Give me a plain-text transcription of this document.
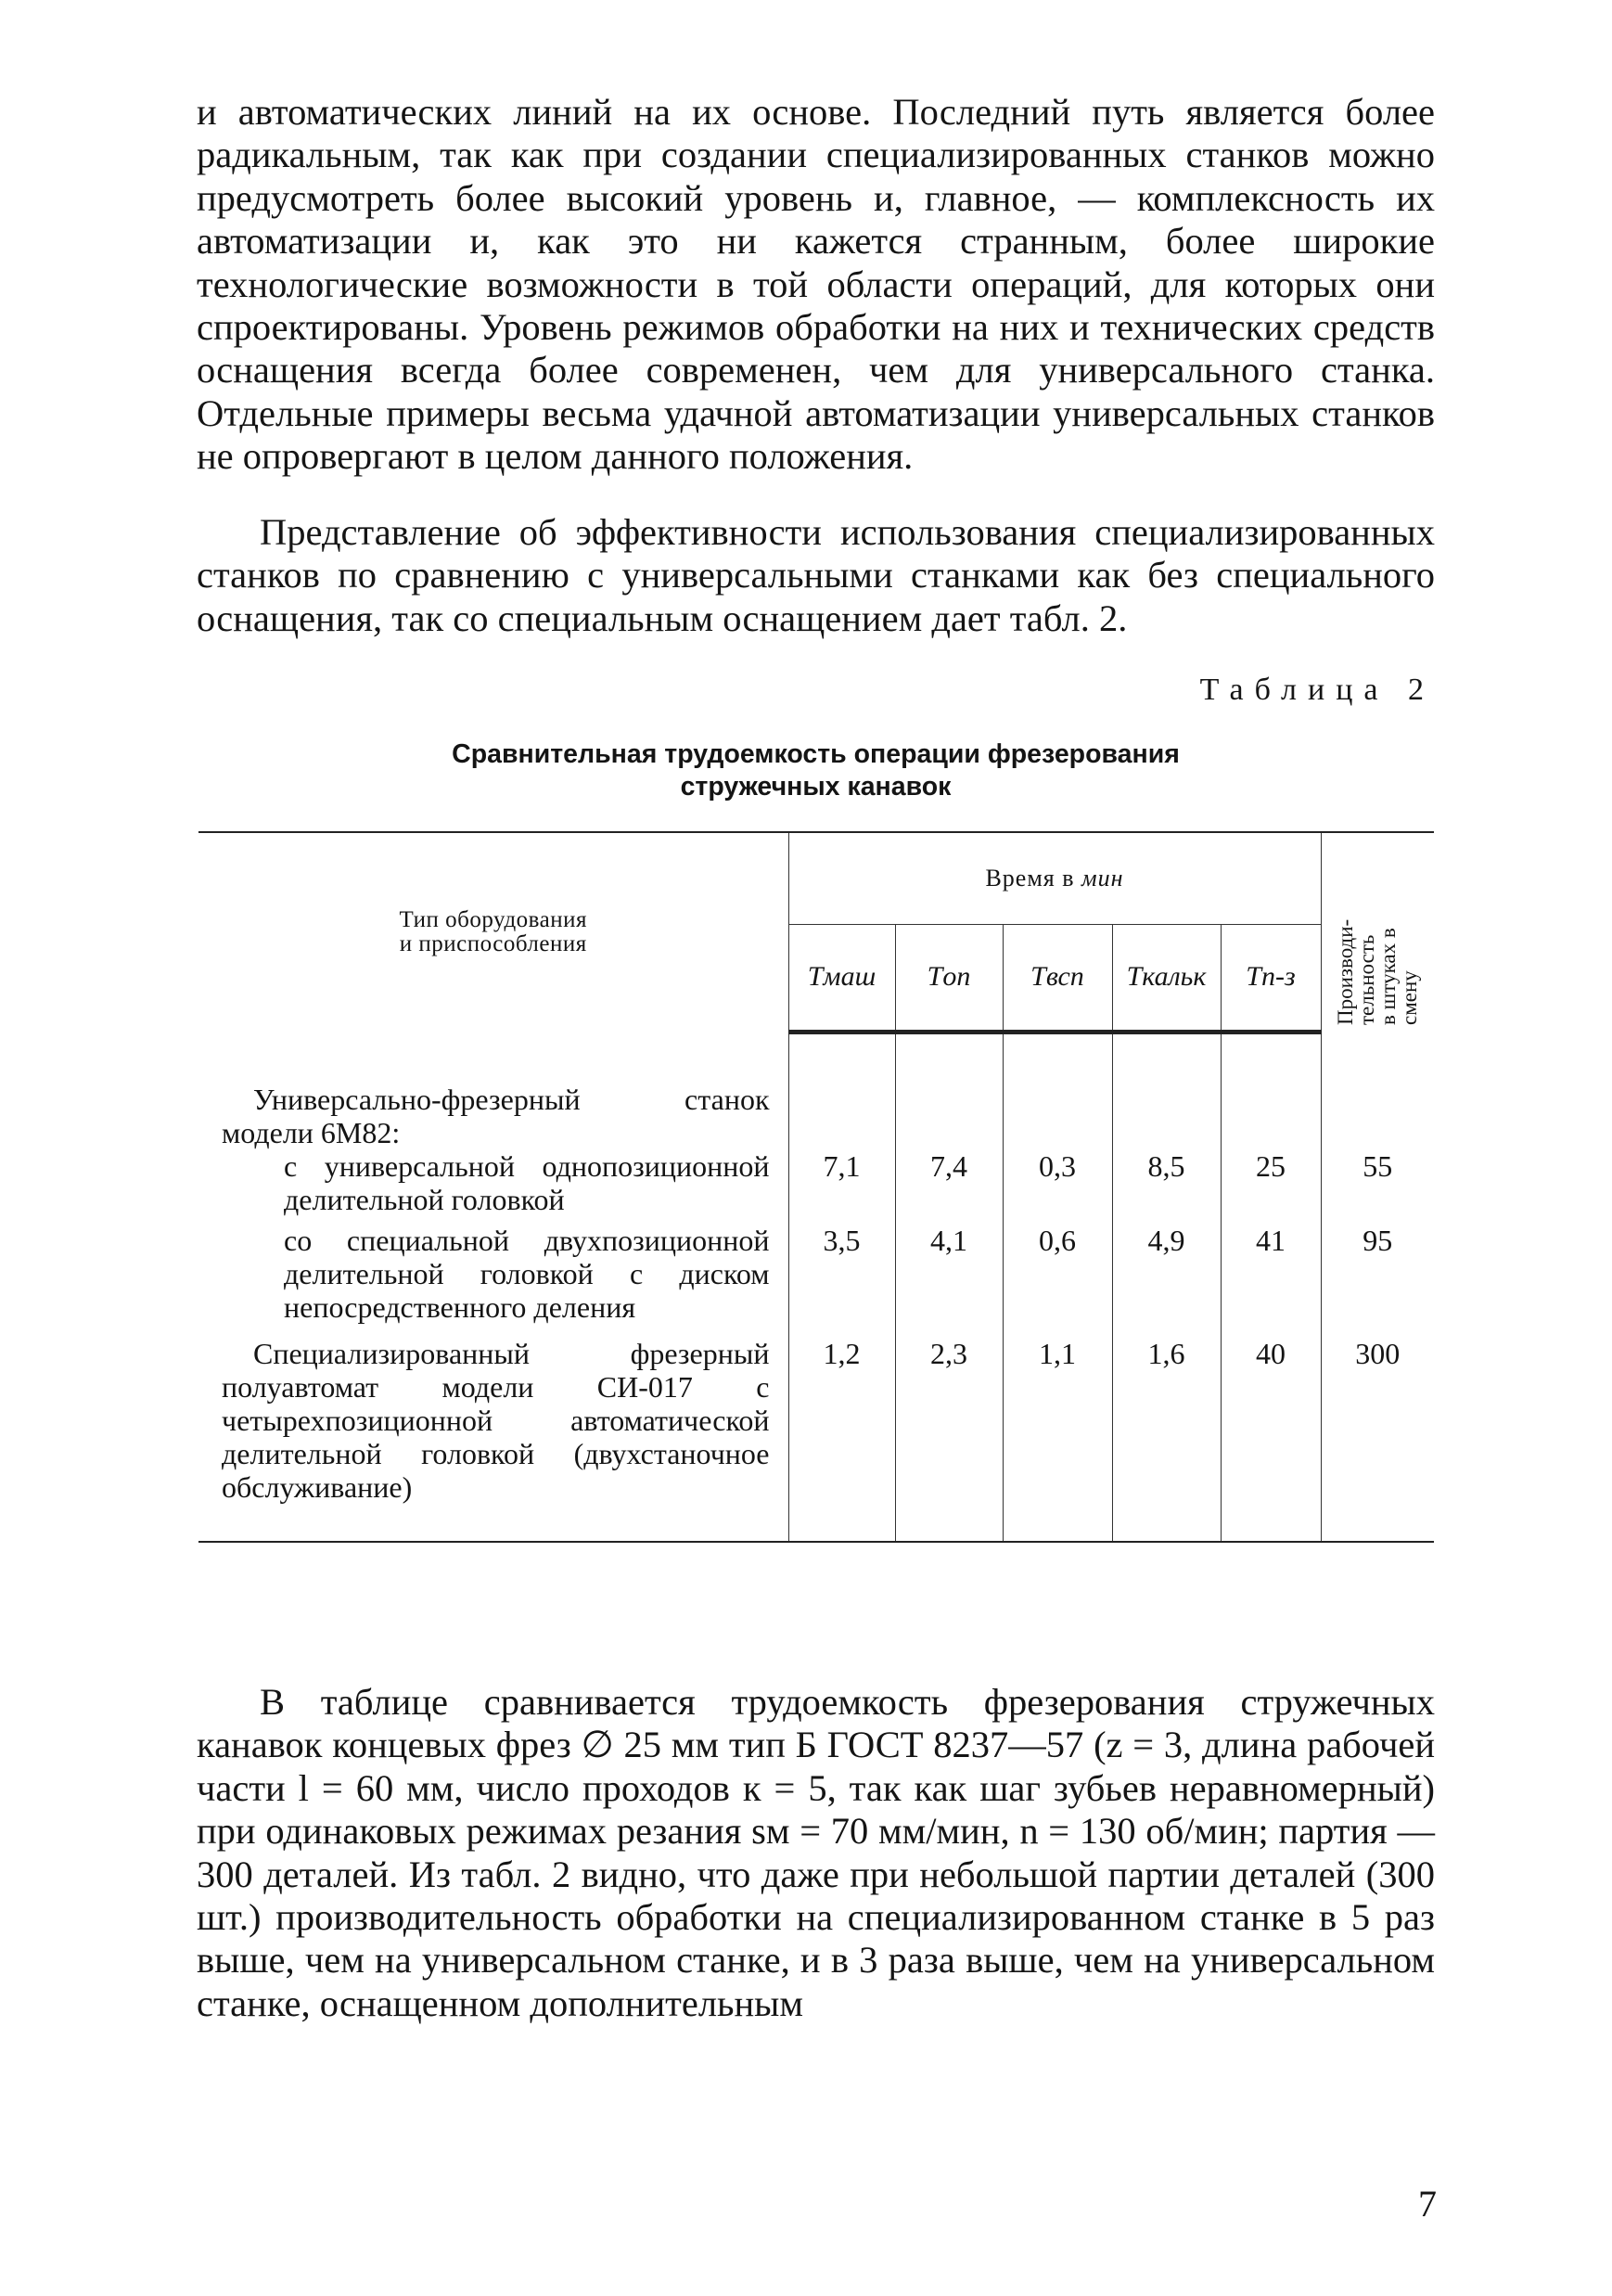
и автоматических линий на их основе. Последний путь является более радикальным, так как при создании специализированных станков можно предусмотреть более высокий уровень и, главное, — комплексность их автоматизации и, как это ни кажется странным, более широкие технологические возможности в той области операций, для которых они спроектированы. Уровень режимов обработки на них и технических средств оснащения всегда более современен, чем для универсального станка. Отдельные примеры весьма удачной автоматизации универсальных станков не опровергают в целом данного положения.

Представление об эффективности использования специализированных станков по сравнению с универсальными станками как без специального оснащения, так со специальным оснащением дает табл. 2.

Таблица 2

Сравнительная трудоемкость операции фрезерования
стружечных канавок

Тип оборудования
и приспособления	Время в мин					Производи-
тельность
в штуках в
смену

	Tмаш	Tоп	Tвсп	Tкальк	Tп-з	

Универсально-фрезерный станок модели 6М82:						
с универсальной однопозиционной делительной головкой	7,1	7,4	0,3	8,5	25	55
со специальной двухпозиционной делительной головкой с диском непосредственного деления	3,5	4,1	0,6	4,9	41	95
Специализированный фрезерный полуавтомат модели СИ-017 с четырехпозиционной автоматической делительной головкой (двухстаночное обслуживание)	1,2	2,3	1,1	1,6	40	300

В таблице сравнивается трудоемкость фрезерования стружечных канавок концевых фрез ∅ 25 мм тип Б ГОСТ 8237—57 (z = 3, длина рабочей части l = 60 мм, число проходов к = 5, так как шаг зубьев неравномерный) при одинаковых режимах резания sм = 70 мм/мин, n = 130 об/мин; партия — 300 деталей. Из табл. 2 видно, что даже при небольшой партии деталей (300 шт.) производительность обработки на специализированном станке в 5 раз выше, чем на универсальном станке, и в 3 раза выше, чем на универсальном станке, оснащенном дополнительным

7
